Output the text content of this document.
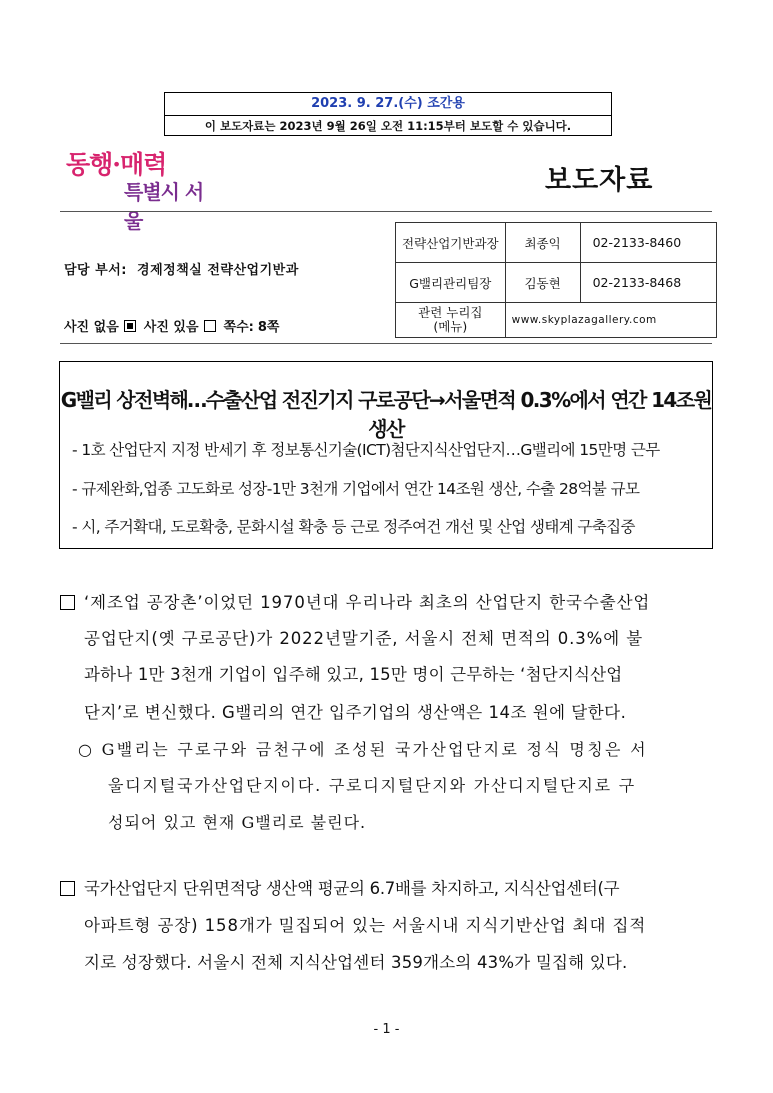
2023. 9. 27.(수) 조간용
이 보도자료는 2023년 9월 26일 오전 11:15부터 보도할 수 있습니다.
동행·매력
특별시 서울
보도자료
담당 부서: 경제정책실 전략산업기반과
사진 없음 사진 있음 쪽수: 8쪽
전략산업기반과장	최종익	02-2133-8460
G밸리관리팀장	김동현	02-2133-8468

관련 누리집
(메뉴)	www.skyplazagallery.com	
G밸리 상전벽해…수출산업 전진기지 구로공단→서울면적 0.3%에서 연간 14조원 생산
- 1호 산업단지 지정 반세기 후 정보통신기술(ICT)첨단지식산업단지…G밸리에 15만명 근무
- 규제완화,업종 고도화로 성장-1만 3천개 기업에서 연간 14조원 생산, 수출 28억불 규모
- 시, 주거확대, 도로확충, 문화시설 확충 등 근로 정주여건 개선 및 산업 생태계 구축집중
‘제조업 공장촌’이었던 1970년대 우리나라 최초의 산업단지 한국수출산업
공업단지(옛 구로공단)가 2022년말기준, 서울시 전체 면적의 0.3%에 불
과하나 1만 3천개 기업이 입주해 있고, 15만 명이 근무하는 ‘첨단지식산업
단지’로 변신했다. G밸리의 연간 입주기업의 생산액은 14조 원에 달한다.
○ G밸리는 구로구와 금천구에 조성된 국가산업단지로 정식 명칭은 서
울디지털국가산업단지이다. 구로디지털단지와 가산디지털단지로 구
성되어 있고 현재 G밸리로 불린다.
국가산업단지 단위면적당 생산액 평균의 6.7배를 차지하고, 지식산업센터(구
아파트형 공장) 158개가 밀집되어 있는 서울시내 지식기반산업 최대 집적
지로 성장했다. 서울시 전체 지식산업센터 359개소의 43%가 밀집해 있다.
- 1 -
